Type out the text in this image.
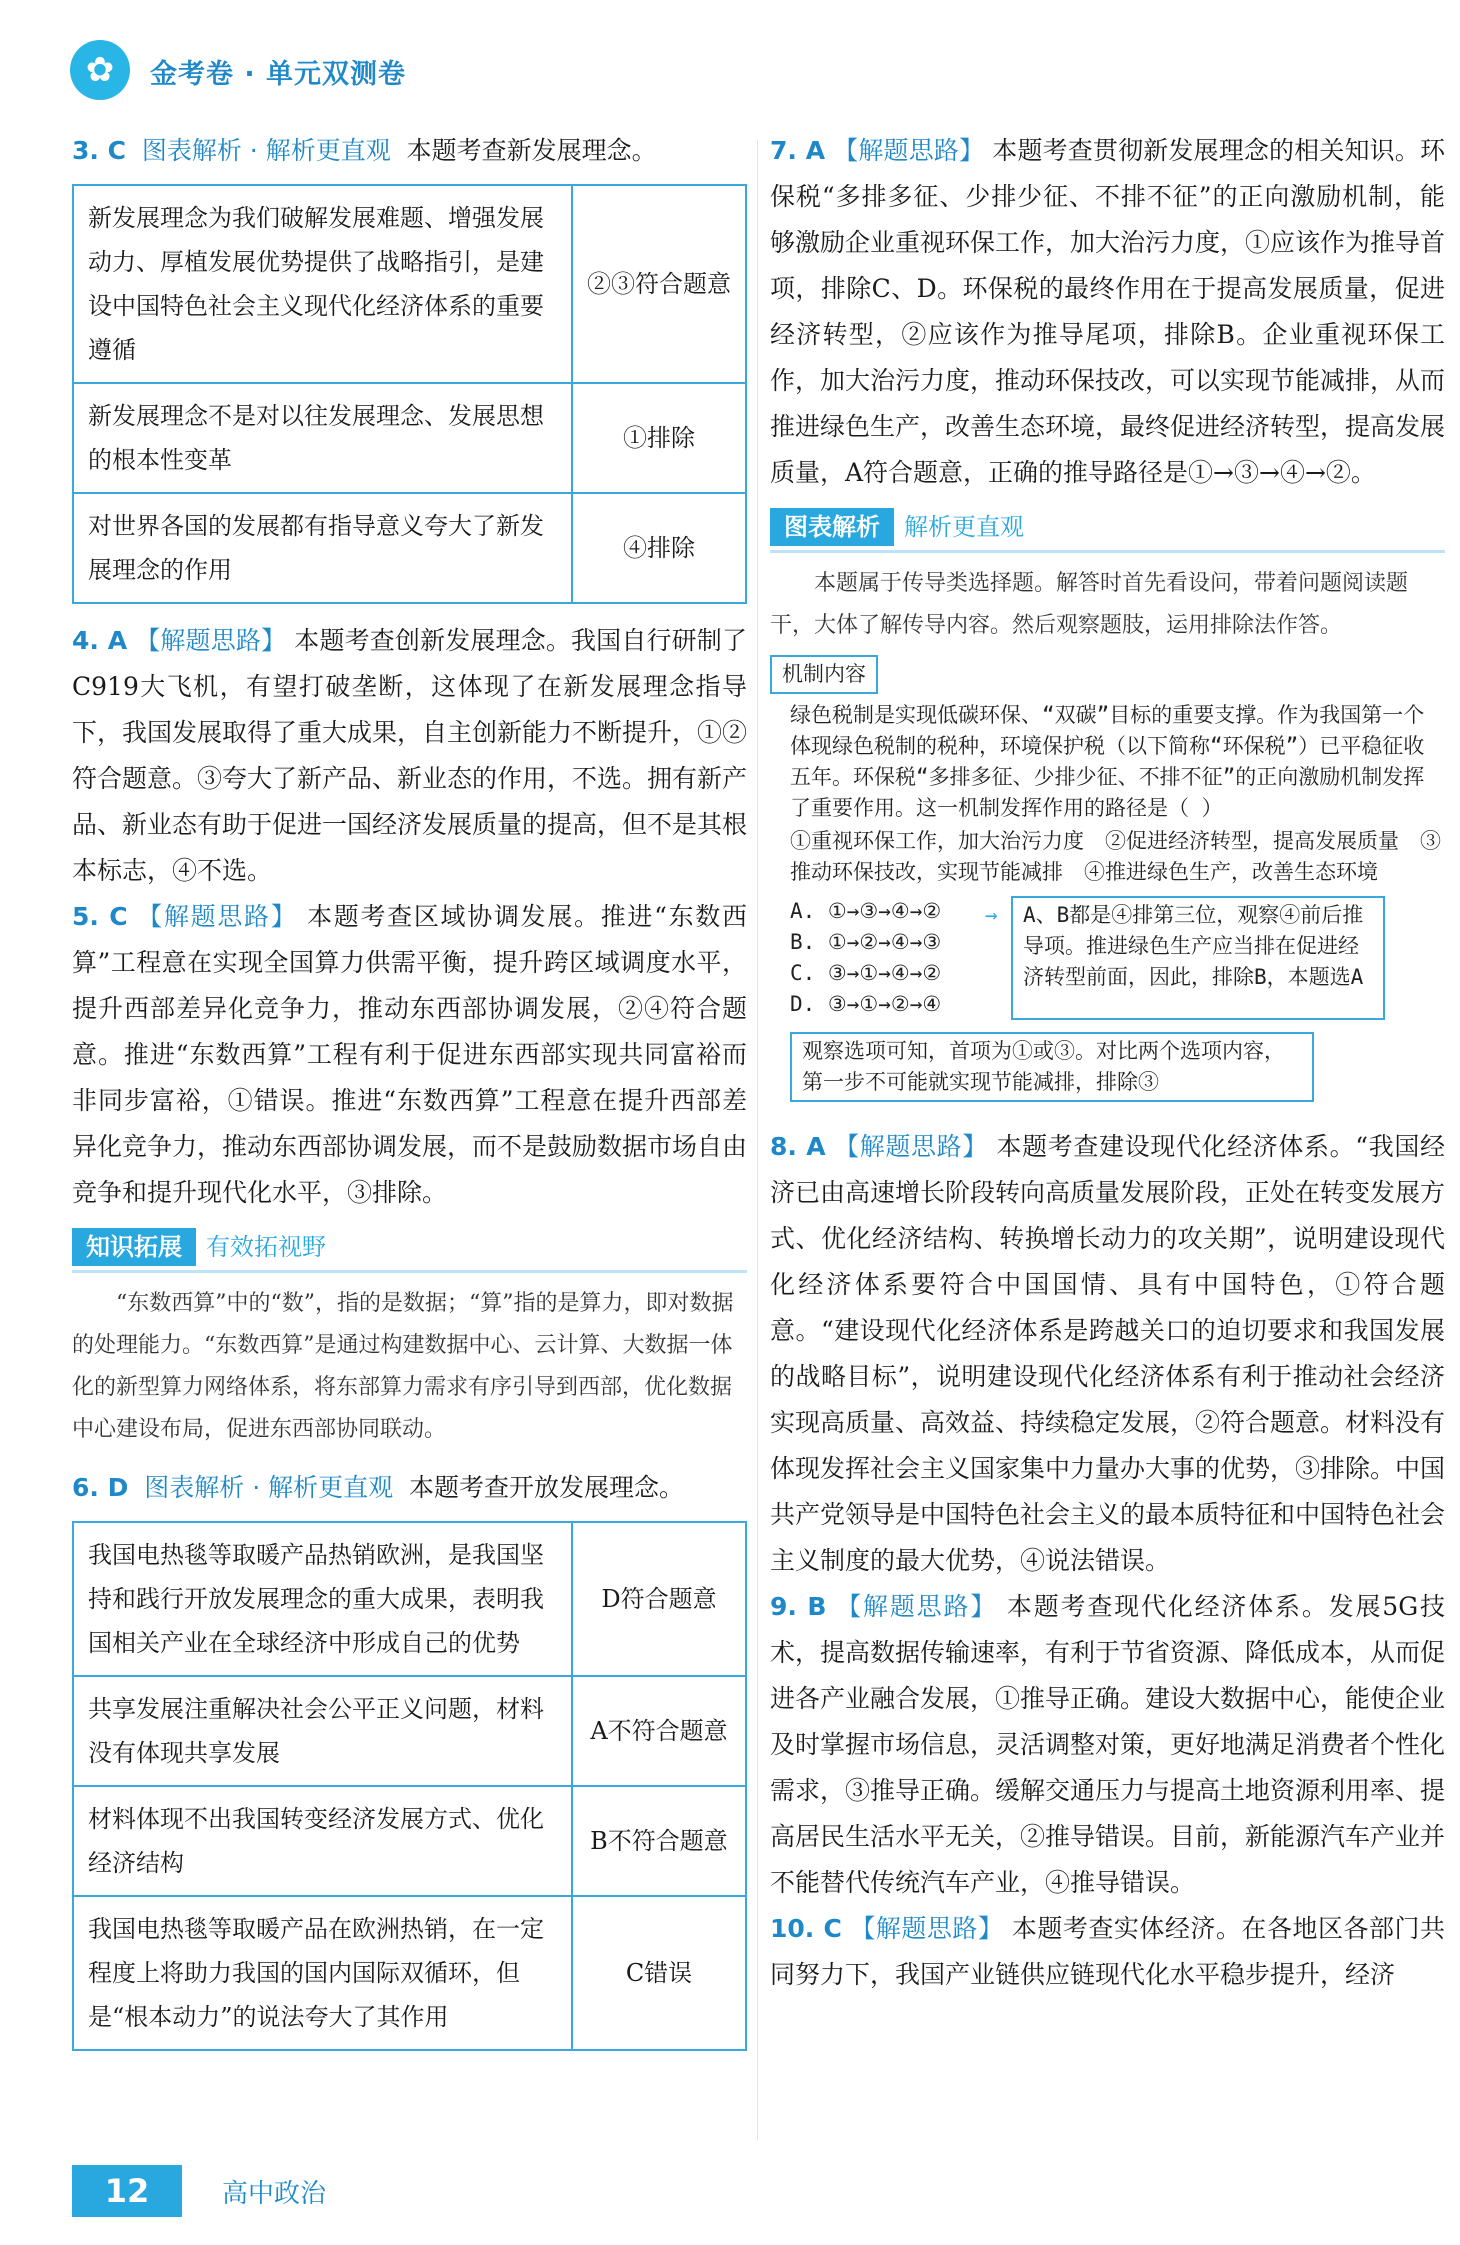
✿ 金考卷 · 单元双测卷

3. C 图表解析 · 解析更直观 本题考查新发展理念。

新发展理念为我们破解发展难题、增强发展动力、厚植发展优势提供了战略指引，是建设中国特色社会主义现代化经济体系的重要遵循	②③符合题意
新发展理念不是对以往发展理念、发展思想的根本性变革	①排除
对世界各国的发展都有指导意义夸大了新发展理念的作用	④排除

4. A 【解题思路】 本题考查创新发展理念。我国自行研制了C919大飞机，有望打破垄断，这体现了在新发展理念指导下，我国发展取得了重大成果，自主创新能力不断提升，①②符合题意。③夸大了新产品、新业态的作用，不选。拥有新产品、新业态有助于促进一国经济发展质量的提高，但不是其根本标志，④不选。

5. C 【解题思路】 本题考查区域协调发展。推进“东数西算”工程意在实现全国算力供需平衡，提升跨区域调度水平，提升西部差异化竞争力，推动东西部协调发展，②④符合题意。推进“东数西算”工程有利于促进东西部实现共同富裕而非同步富裕，①错误。推进“东数西算”工程意在提升西部差异化竞争力，推动东西部协调发展，而不是鼓励数据市场自由竞争和提升现代化水平，③排除。

知识拓展 有效拓视野

“东数西算”中的“数”，指的是数据；“算”指的是算力，即对数据的处理能力。“东数西算”是通过构建数据中心、云计算、大数据一体化的新型算力网络体系，将东部算力需求有序引导到西部，优化数据中心建设布局，促进东西部协同联动。

6. D 图表解析 · 解析更直观 本题考查开放发展理念。

我国电热毯等取暖产品热销欧洲，是我国坚持和践行开放发展理念的重大成果，表明我国相关产业在全球经济中形成自己的优势	D符合题意
共享发展注重解决社会公平正义问题，材料没有体现共享发展	A不符合题意
材料体现不出我国转变经济发展方式、优化经济结构	B不符合题意
我国电热毯等取暖产品在欧洲热销，在一定程度上将助力我国的国内国际双循环，但是“根本动力”的说法夸大了其作用	C错误

7. A 【解题思路】 本题考查贯彻新发展理念的相关知识。环保税“多排多征、少排少征、不排不征”的正向激励机制，能够激励企业重视环保工作，加大治污力度，①应该作为推导首项，排除C、D。环保税的最终作用在于提高发展质量，促进经济转型，②应该作为推导尾项，排除B。企业重视环保工作，加大治污力度，推动环保技改，可以实现节能减排，从而推进绿色生产，改善生态环境，最终促进经济转型，提高发展质量，A符合题意，正确的推导路径是①→③→④→②。

图表解析 解析更直观

本题属于传导类选择题。解答时首先看设问，带着问题阅读题干，大体了解传导内容。然后观察题肢，运用排除法作答。

机制内容
绿色税制是实现低碳环保、“双碳”目标的重要支撑。作为我国第一个体现绿色税制的税种，环境保护税（以下简称“环保税”）已平稳征收五年。环保税“多排多征、少排少征、不排不征”的正向激励机制发挥了重要作用。这一机制发挥作用的路径是（ ）
①重视环保工作，加大治污力度　②促进经济转型，提高发展质量　③推动环保技改，实现节能减排　④推进绿色生产，改善生态环境
A. ①→③→④→②
B. ①→②→④→③
C. ③→①→④→②
D. ③→①→②→④
→	A、B都是④排第三位，观察④前后推导项。推进绿色生产应当排在促进经济转型前面，因此，排除B，本题选A
观察选项可知，首项为①或③。对比两个选项内容，第一步不可能就实现节能减排，排除③

8. A 【解题思路】 本题考查建设现代化经济体系。“我国经济已由高速增长阶段转向高质量发展阶段，正处在转变发展方式、优化经济结构、转换增长动力的攻关期”，说明建设现代化经济体系要符合中国国情、具有中国特色，①符合题意。“建设现代化经济体系是跨越关口的迫切要求和我国发展的战略目标”，说明建设现代化经济体系有利于推动社会经济实现高质量、高效益、持续稳定发展，②符合题意。材料没有体现发挥社会主义国家集中力量办大事的优势，③排除。中国共产党领导是中国特色社会主义的最本质特征和中国特色社会主义制度的最大优势，④说法错误。

9. B 【解题思路】 本题考查现代化经济体系。发展5G技术，提高数据传输速率，有利于节省资源、降低成本，从而促进各产业融合发展，①推导正确。建设大数据中心，能使企业及时掌握市场信息，灵活调整对策，更好地满足消费者个性化需求，③推导正确。缓解交通压力与提高土地资源利用率、提高居民生活水平无关，②推导错误。目前，新能源汽车产业并不能替代传统汽车产业，④推导错误。

10. C 【解题思路】 本题考查实体经济。在各地区各部门共同努力下，我国产业链供应链现代化水平稳步提升，经济

12	高中政治
